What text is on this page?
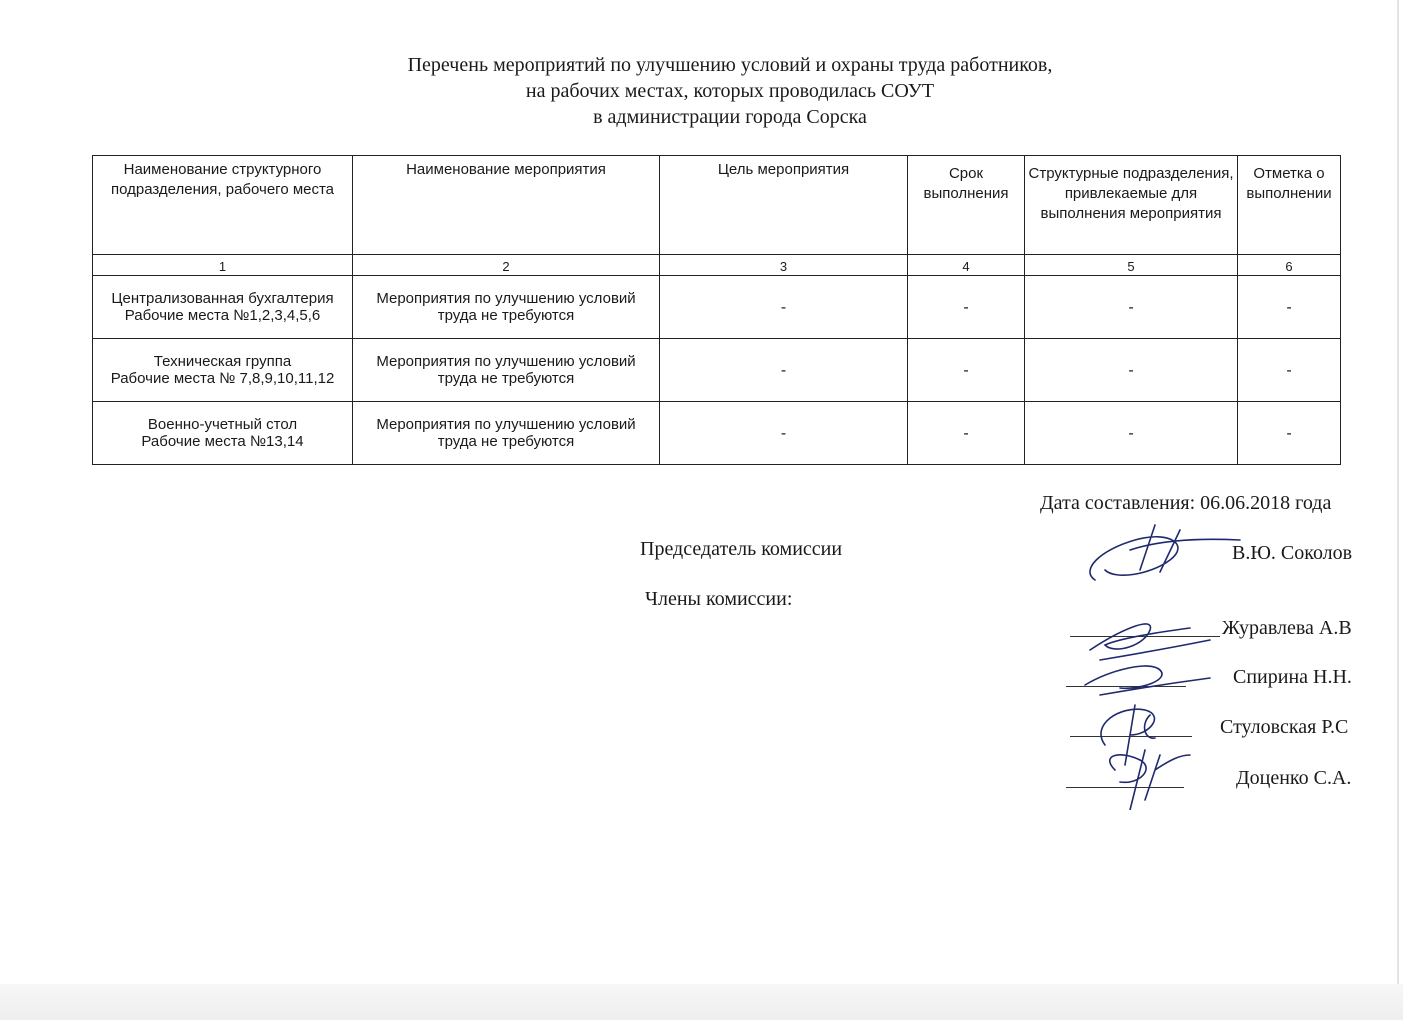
Перечень мероприятий по улучшению условий и охраны труда работников,
на рабочих местах, которых проводилась СОУТ
в администрации города Сорска
Наименование структурного подразделения, рабочего места	Наименование мероприятия	Цель мероприятия	Срок выполнения	Структурные подразделения, привлекаемые для выполнения мероприятия	Отметка о выполнении
1	2	3	4	5	6

Централизованная бухгалтерия
Рабочие места №1,2,3,4,5,6	Мероприятия по улучшению условий труда не требуются	-	-	-	-

Техническая группа
Рабочие места № 7,8,9,10,11,12	Мероприятия по улучшению условий труда не требуются	-	-	-	-

Военно-учетный стол
Рабочие места №13,14	Мероприятия по улучшению условий труда не требуются	-	-	-	-
Дата составления: 06.06.2018 года
Председатель комиссии	В.Ю. Соколов
Члены комиссии:
Журавлева А.В
Спирина Н.Н.
Стуловская Р.С
Доценко С.А.
